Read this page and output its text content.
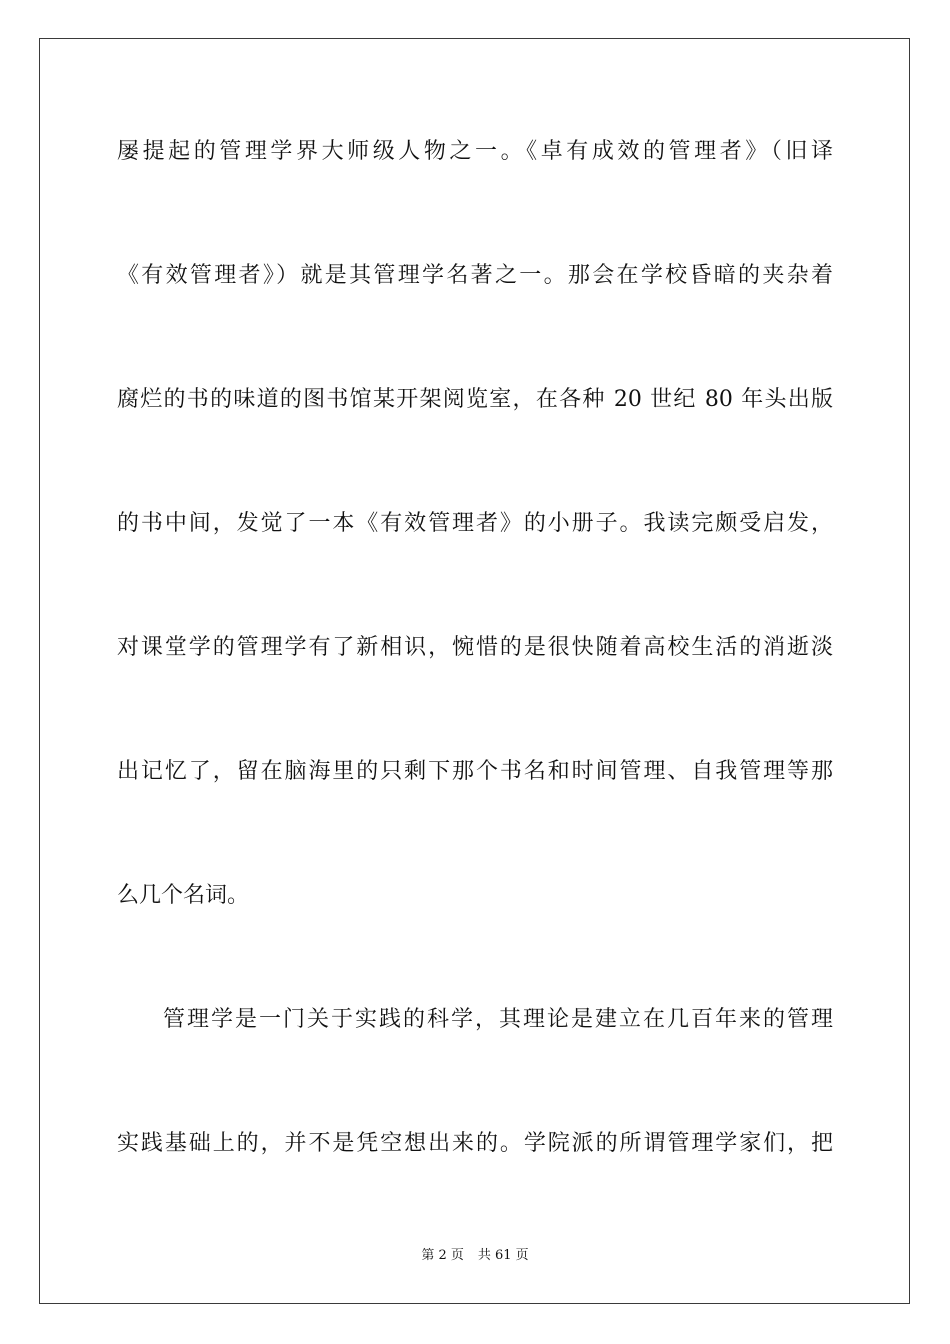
屡提起的管理学界大师级人物之一。《卓有成效的管理者》（旧译
《有效管理者》）就是其管理学名著之一。那会在学校昏暗的夹杂着
腐烂的书的味道的图书馆某开架阅览室，在各种 20 世纪 80 年头出版
的书中间，发觉了一本《有效管理者》的小册子。我读完颇受启发，
对课堂学的管理学有了新相识，惋惜的是很快随着高校生活的消逝淡
出记忆了，留在脑海里的只剩下那个书名和时间管理、自我管理等那
么几个名词。
管理学是一门关于实践的科学，其理论是建立在几百年来的管理
实践基础上的，并不是凭空想出来的。学院派的所谓管理学家们，把
第 2 页 共 61 页
